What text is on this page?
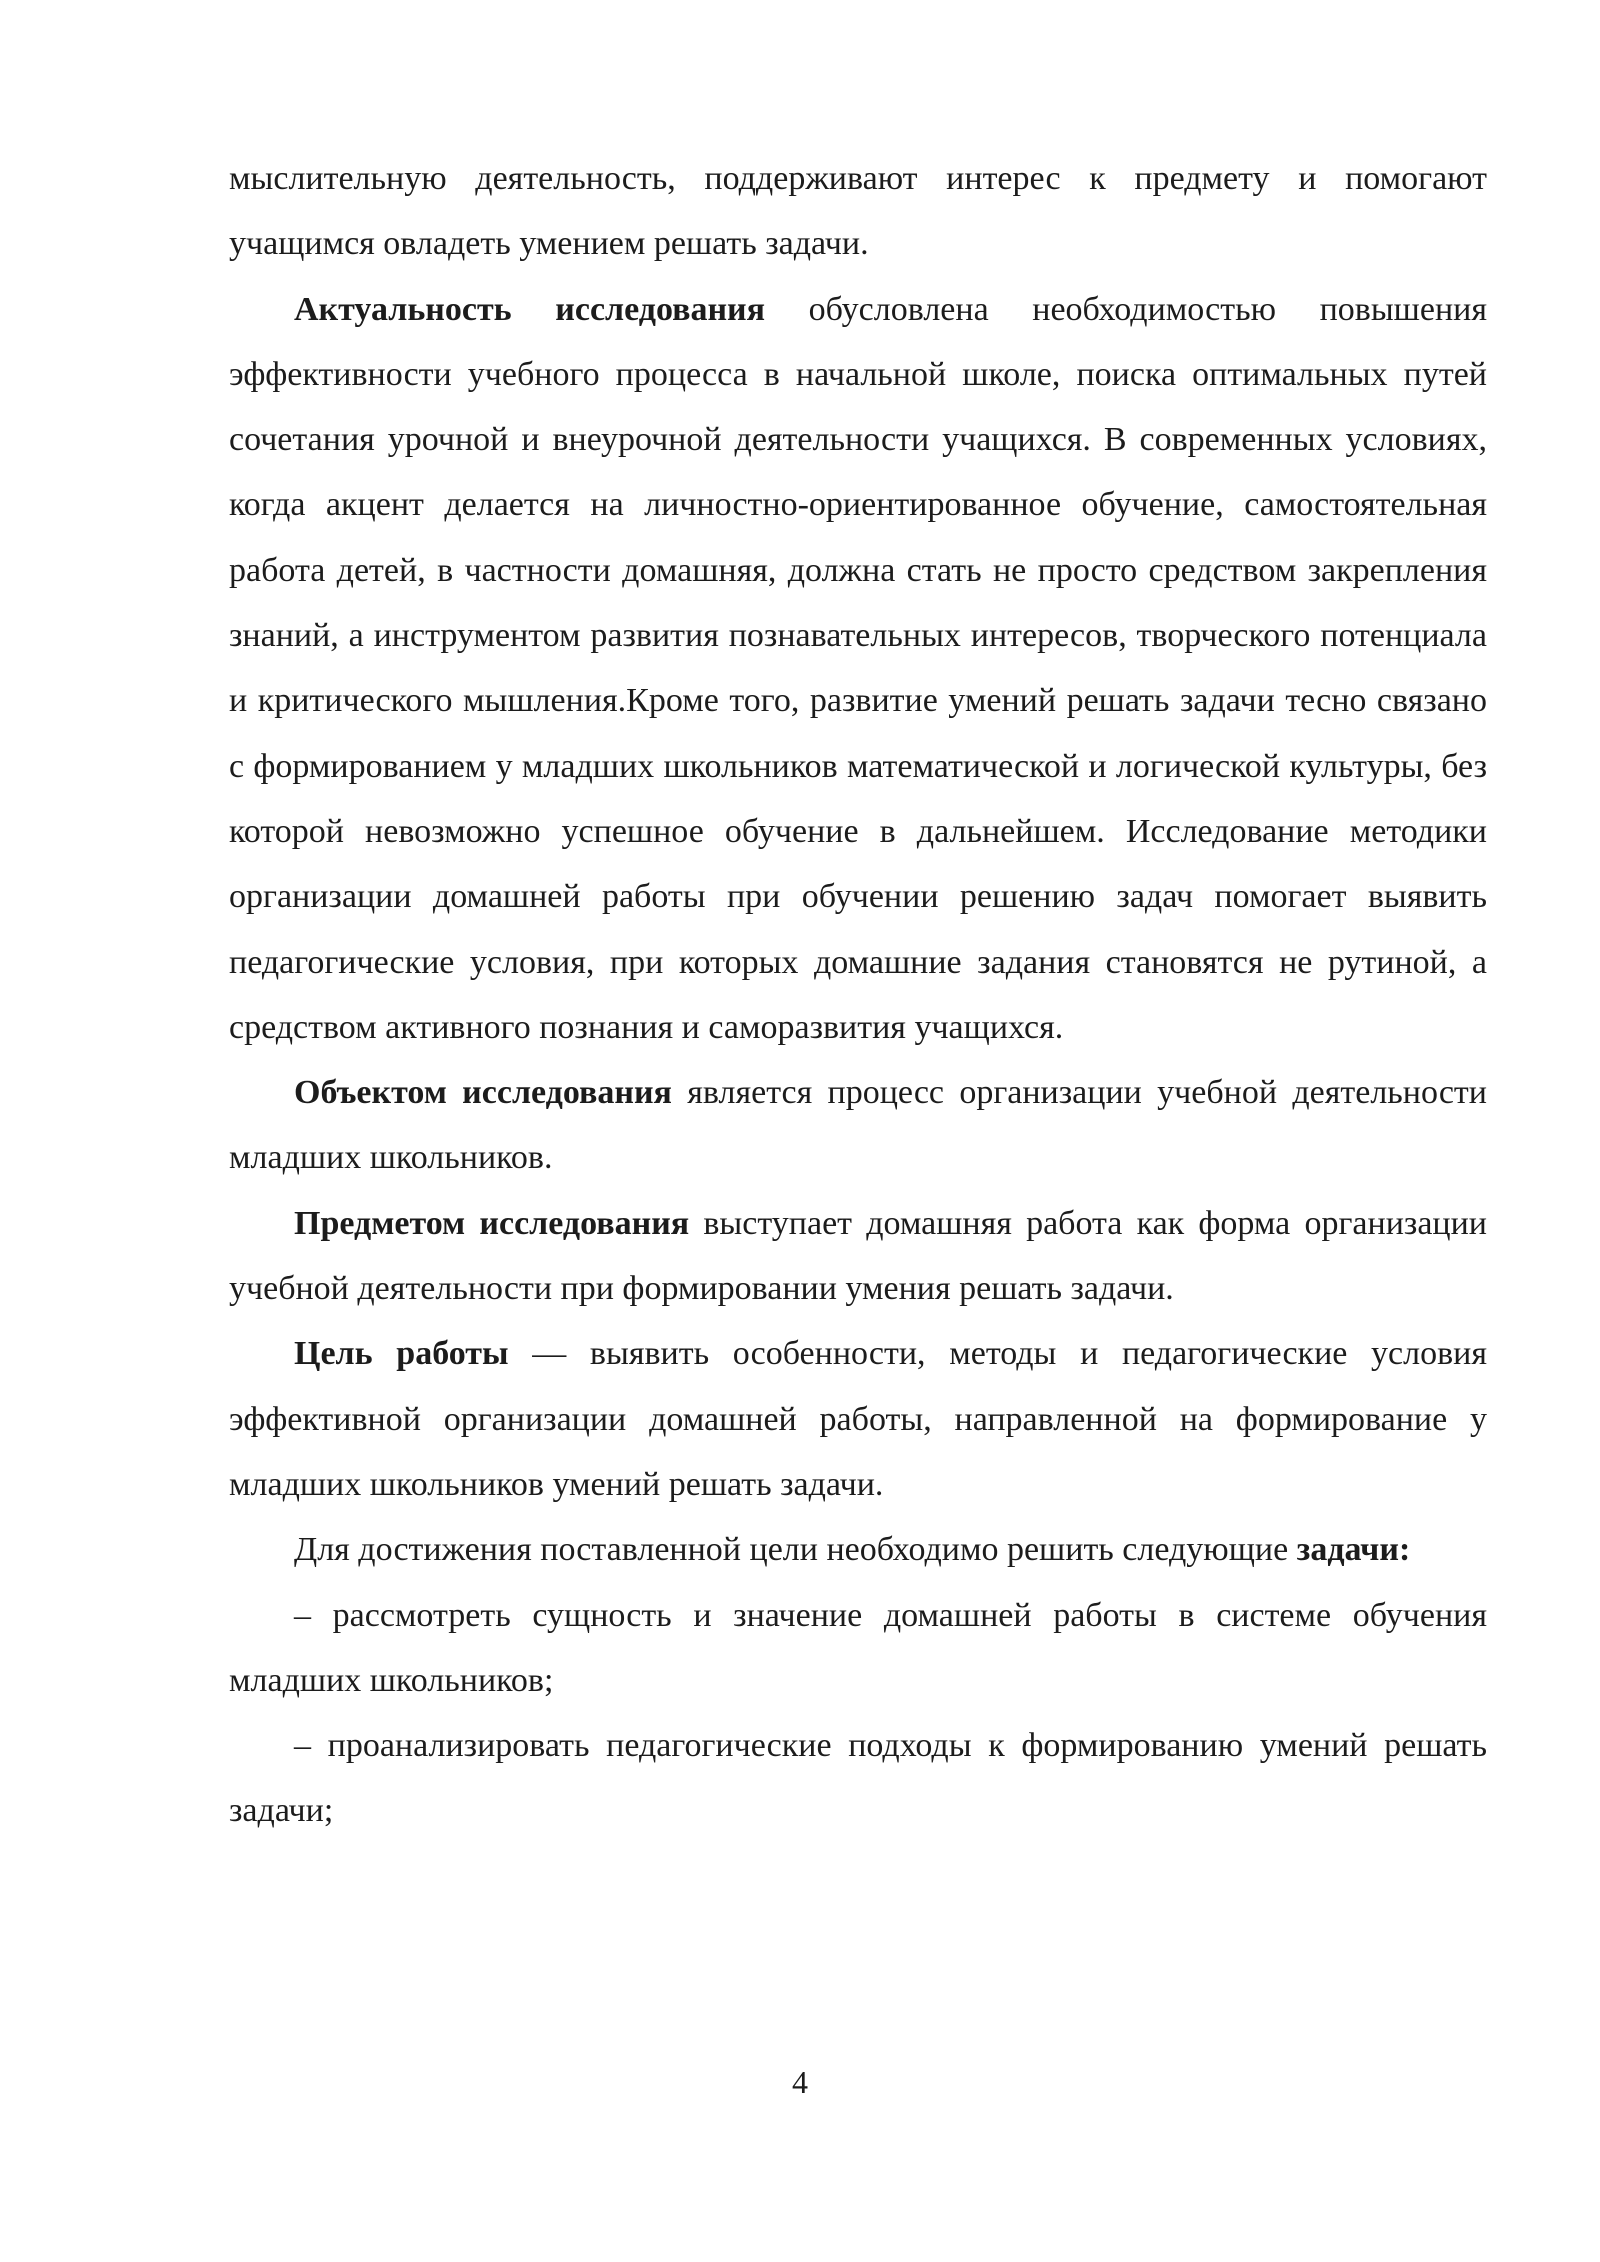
мыслительную деятельность, поддерживают интерес к предмету и помогают учащимся овладеть умением решать задачи.

Актуальность исследования обусловлена необходимостью повышения эффективности учебного процесса в начальной школе, поиска оптимальных путей сочетания урочной и внеурочной деятельности учащихся. В современных условиях, когда акцент делается на личностно-ориентированное обучение, самостоятельная работа детей, в частности домашняя, должна стать не просто средством закрепления знаний, а инструментом развития познавательных интересов, творческого потенциала и критического мышления.Кроме того, развитие умений решать задачи тесно связано с формированием у младших школьников математической и логической культуры, без которой невозможно успешное обучение в дальнейшем. Исследование методики организации домашней работы при обучении решению задач помогает выявить педагогические условия, при которых домашние задания становятся не рутиной, а средством активного познания и саморазвития учащихся.

Объектом исследования является процесс организации учебной деятельности младших школьников.

Предметом исследования выступает домашняя работа как форма организации учебной деятельности при формировании умения решать задачи.

Цель работы — выявить особенности, методы и педагогические условия эффективной организации домашней работы, направленной на формирование у младших школьников умений решать задачи.

Для достижения поставленной цели необходимо решить следующие задачи:

– рассмотреть сущность и значение домашней работы в системе обучения младших школьников;

– проанализировать педагогические подходы к формированию умений решать задачи;

4
